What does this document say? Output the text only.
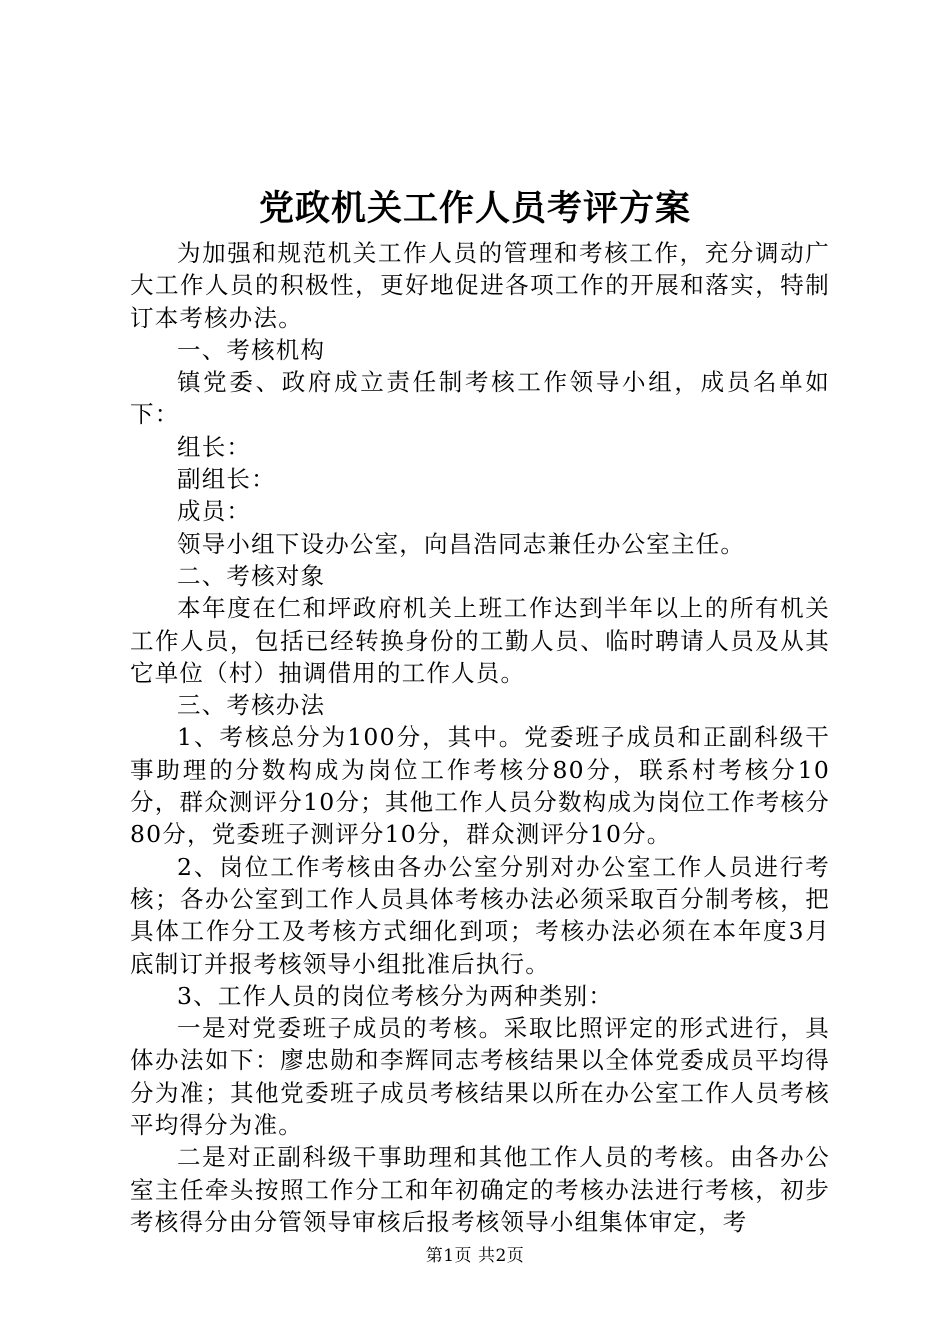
党政机关工作人员考评方案

为加强和规范机关工作人员的管理和考核工作，充分调动广大工作人员的积极性，更好地促进各项工作的开展和落实，特制订本考核办法。

一、考核机构

镇党委、政府成立责任制考核工作领导小组，成员名单如下：

组长：

副组长：

成员：

领导小组下设办公室，向昌浩同志兼任办公室主任。

二、考核对象

本年度在仁和坪政府机关上班工作达到半年以上的所有机关工作人员，包括已经转换身份的工勤人员、临时聘请人员及从其它单位（村）抽调借用的工作人员。

三、考核办法

1、考核总分为100分，其中。党委班子成员和正副科级干事助理的分数构成为岗位工作考核分80分，联系村考核分10分，群众测评分10分；其他工作人员分数构成为岗位工作考核分80分，党委班子测评分10分，群众测评分10分。

2、岗位工作考核由各办公室分别对办公室工作人员进行考核；各办公室到工作人员具体考核办法必须采取百分制考核，把具体工作分工及考核方式细化到项；考核办法必须在本年度3月底制订并报考核领导小组批准后执行。

3、工作人员的岗位考核分为两种类别：

一是对党委班子成员的考核。采取比照评定的形式进行，具体办法如下：廖忠勋和李辉同志考核结果以全体党委成员平均得分为准；其他党委班子成员考核结果以所在办公室工作人员考核平均得分为准。

二是对正副科级干事助理和其他工作人员的考核。由各办公室主任牵头按照工作分工和年初确定的考核办法进行考核，初步考核得分由分管领导审核后报考核领导小组集体审定，考

第1页 共2页
